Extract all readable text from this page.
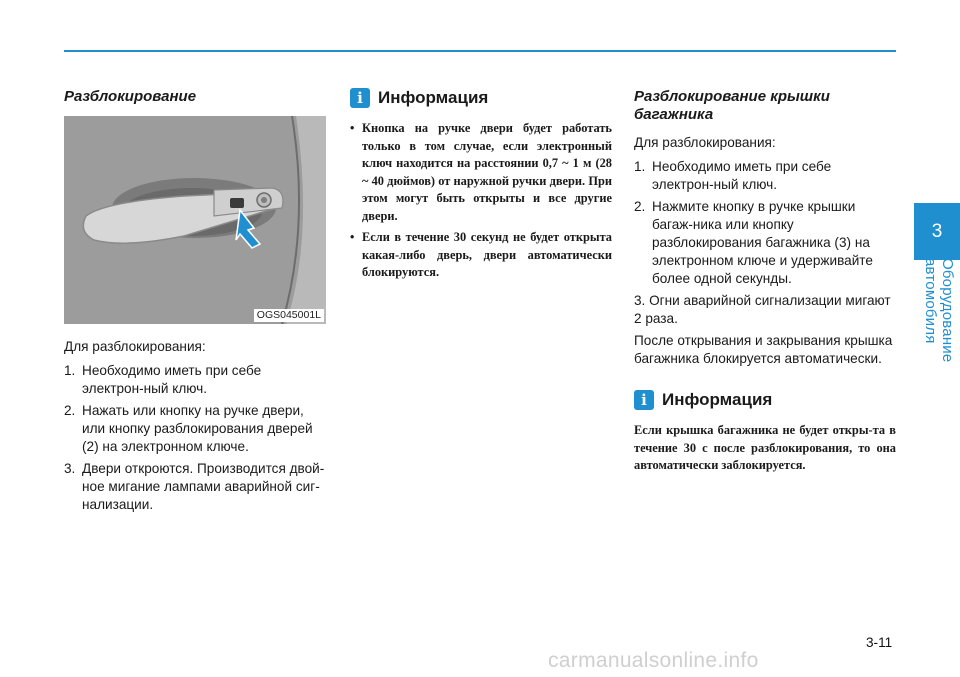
3
Оборудование автомобиля
Разблокирование
OGS045001L

Для разблокирования:

1. Необходимо иметь при себе электрон-ный ключ.
2. Нажать или кнопку на ручке двери, или кнопку разблокирования дверей (2) на электронном ключе.
3. Двери откроются. Производится двой-ное мигание лампами аварийной сиг-нализации.
i Информация
• Кнопка на ручке двери будет работать только в том случае, если электронный ключ находится на расстоянии 0,7 ~ 1 м (28 ~ 40 дюймов) от наружной ручки двери. При этом могут быть открыты и все другие двери.
• Если в течение 30 секунд не будет открыта какая-либо дверь, двери автоматически блокируются.
Разблокирование крышки багажника

Для разблокирования:

1. Необходимо иметь при себе электрон-ный ключ.
2. Нажмите кнопку в ручке крышки багаж-ника или кнопку разблокирования багажника (3) на электронном ключе и удерживайте более одной секунды.

3. Огни аварийной сигнализации мигают 2 раза.

После открывания и закрывания крышка багажника блокируется автоматически.

i Информация

Если крышка багажника не будет откры-та в течение 30 с после разблокирования, то она автоматически заблокируется.

3-11
carmanualsonline.info
